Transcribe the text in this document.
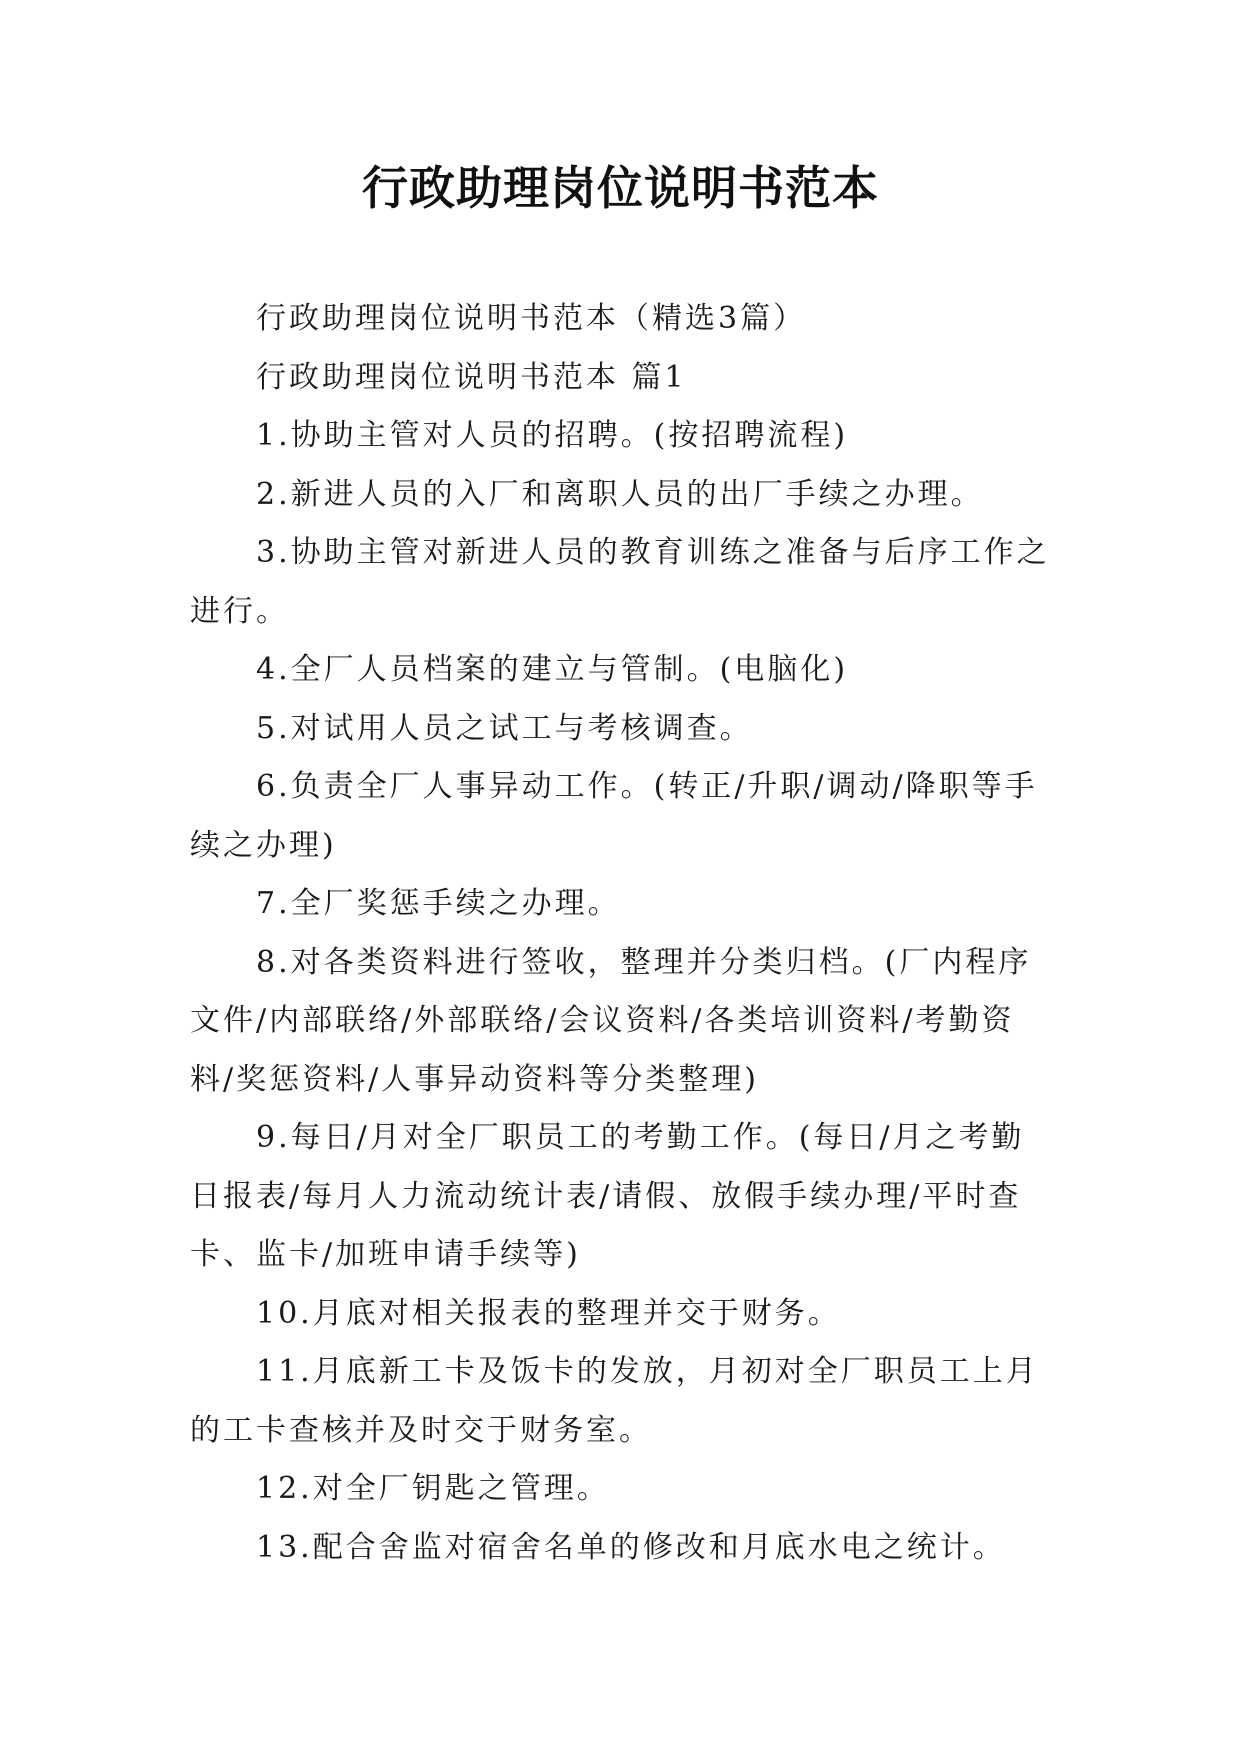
行政助理岗位说明书范本

行政助理岗位说明书范本（精选3篇）

行政助理岗位说明书范本 篇1

1.协助主管对人员的招聘。(按招聘流程)

2.新进人员的入厂和离职人员的出厂手续之办理。

3.协助主管对新进人员的教育训练之准备与后序工作之进行。

4.全厂人员档案的建立与管制。(电脑化)

5.对试用人员之试工与考核调查。

6.负责全厂人事异动工作。(转正/升职/调动/降职等手续之办理)

7.全厂奖惩手续之办理。

8.对各类资料进行签收，整理并分类归档。(厂内程序文件/内部联络/外部联络/会议资料/各类培训资料/考勤资料/奖惩资料/人事异动资料等分类整理)

9.每日/月对全厂职员工的考勤工作。(每日/月之考勤日报表/每月人力流动统计表/请假、放假手续办理/平时查卡、监卡/加班申请手续等)

10.月底对相关报表的整理并交于财务。

11.月底新工卡及饭卡的发放，月初对全厂职员工上月的工卡查核并及时交于财务室。

12.对全厂钥匙之管理。

13.配合舍监对宿舍名单的修改和月底水电之统计。
